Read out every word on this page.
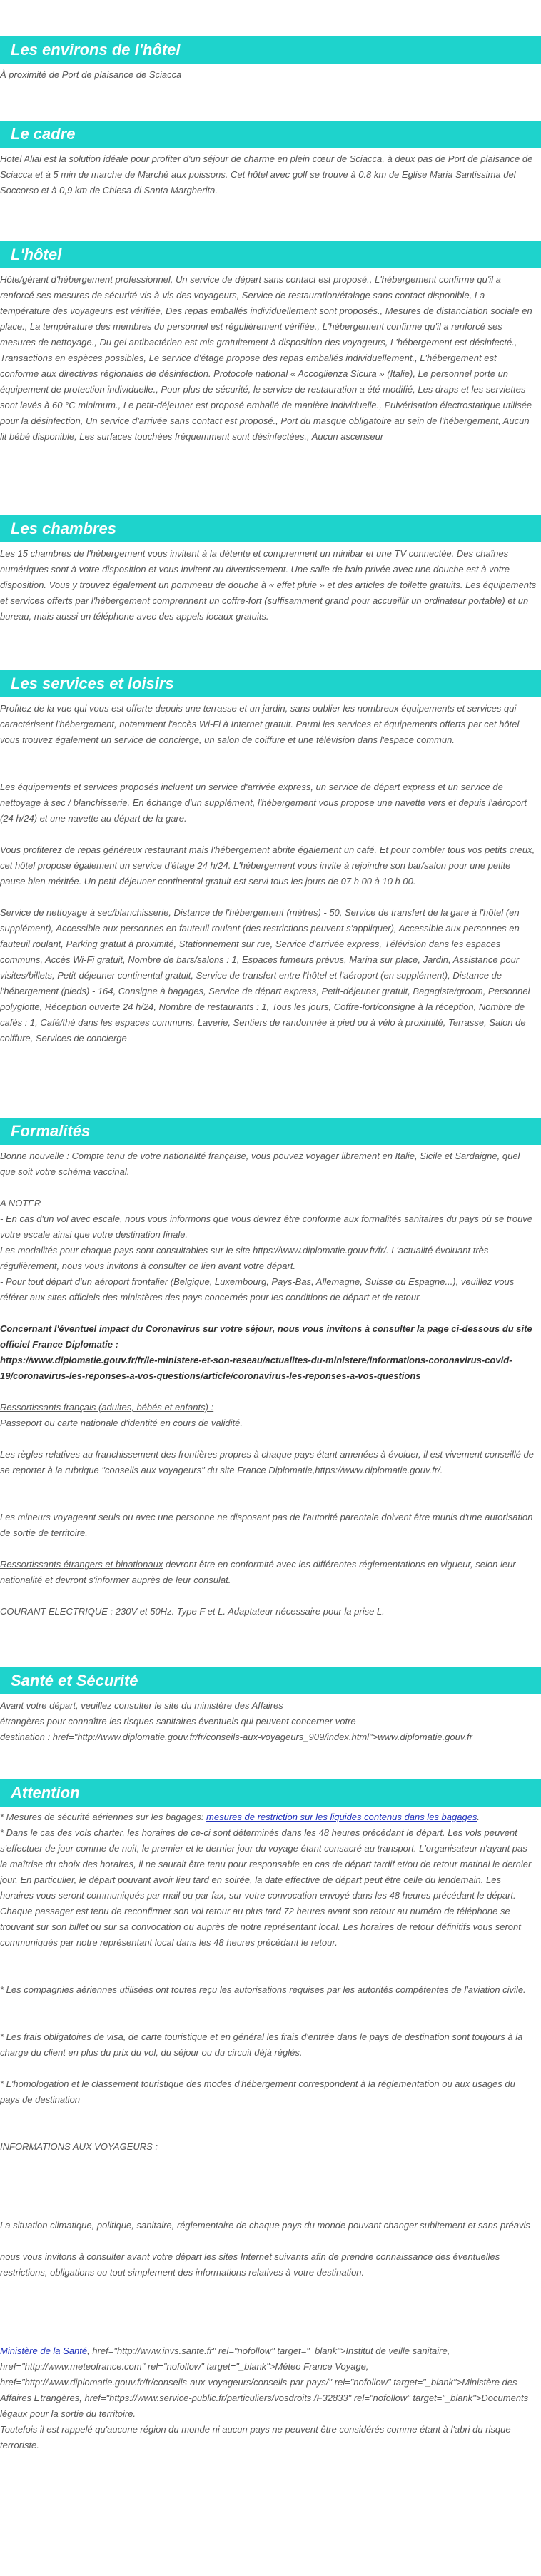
Les environs de l'hôtel

À proximité de Port de plaisance de Sciacca

Le cadre

Hotel Aliai est la solution idéale pour profiter d'un séjour de charme en plein cœur de Sciacca, à deux pas de Port de plaisance de Sciacca et à 5 min de marche de Marché aux poissons. Cet hôtel avec golf se trouve à 0.8 km de Eglise Maria Santissima del Soccorso et à 0,9 km de Chiesa di Santa Margherita.

L'hôtel

Hôte/gérant d'hébergement professionnel, Un service de départ sans contact est proposé., L'hébergement confirme qu'il a renforcé ses mesures de sécurité vis-à-vis des voyageurs, Service de restauration/étalage sans contact disponible, La température des voyageurs est vérifiée, Des repas emballés individuellement sont proposés., Mesures de distanciation sociale en place., La température des membres du personnel est régulièrement vérifiée., L'hébergement confirme qu'il a renforcé ses mesures de nettoyage., Du gel antibactérien est mis gratuitement à disposition des voyageurs, L'hébergement est désinfecté., Transactions en espèces possibles, Le service d'étage propose des repas emballés individuellement., L'hébergement est conforme aux directives régionales de désinfection. Protocole national « Accoglienza Sicura » (Italie), Le personnel porte un équipement de protection individuelle., Pour plus de sécurité, le service de restauration a été modifié, Les draps et les serviettes sont lavés à 60 °C minimum., Le petit-déjeuner est proposé emballé de manière individuelle., Pulvérisation électrostatique utilisée pour la désinfection, Un service d'arrivée sans contact est proposé., Port du masque obligatoire au sein de l'hébergement, Aucun lit bébé disponible, Les surfaces touchées fréquemment sont désinfectées., Aucun ascenseur

Les chambres

Les 15 chambres de l'hébergement vous invitent à la détente et comprennent un minibar et une TV connectée. Des chaînes numériques sont à votre disposition et vous invitent au divertissement. Une salle de bain privée avec une douche est à votre disposition. Vous y trouvez également un pommeau de douche à « effet pluie » et des articles de toilette gratuits. Les équipements et services offerts par l'hébergement comprennent un coffre-fort (suffisamment grand pour accueillir un ordinateur portable) et un bureau, mais aussi un téléphone avec des appels locaux gratuits.

Les services et loisirs

Profitez de la vue qui vous est offerte depuis une terrasse et un jardin, sans oublier les nombreux équipements et services qui caractérisent l'hébergement, notamment l'accès Wi-Fi à Internet gratuit. Parmi les services et équipements offerts par cet hôtel vous trouvez également un service de concierge, un salon de coiffure et une télévision dans l'espace commun.

Les équipements et services proposés incluent un service d'arrivée express, un service de départ express et un service de nettoyage à sec / blanchisserie. En échange d'un supplément, l'hébergement vous propose une navette vers et depuis l'aéroport (24 h/24) et une navette au départ de la gare.

Vous profiterez de repas généreux restaurant mais l'hébergement abrite également un café. Et pour combler tous vos petits creux, cet hôtel propose également un service d'étage 24 h/24. L'hébergement vous invite à rejoindre son bar/salon pour une petite pause bien méritée. Un petit-déjeuner continental gratuit est servi tous les jours de 07 h 00 à 10 h 00.

Service de nettoyage à sec/blanchisserie, Distance de l'hébergement (mètres) - 50, Service de transfert de la gare à l'hôtel (en supplément), Accessible aux personnes en fauteuil roulant (des restrictions peuvent s'appliquer), Accessible aux personnes en fauteuil roulant, Parking gratuit à proximité, Stationnement sur rue, Service d'arrivée express, Télévision dans les espaces communs, Accès Wi-Fi gratuit, Nombre de bars/salons : 1, Espaces fumeurs prévus, Marina sur place, Jardin, Assistance pour visites/billets, Petit-déjeuner continental gratuit, Service de transfert entre l'hôtel et l'aéroport (en supplément), Distance de l'hébergement (pieds) - 164, Consigne à bagages, Service de départ express, Petit-déjeuner gratuit, Bagagiste/groom, Personnel polyglotte, Réception ouverte 24 h/24, Nombre de restaurants : 1, Tous les jours, Coffre-fort/consigne à la réception, Nombre de cafés : 1, Café/thé dans les espaces communs, Laverie, Sentiers de randonnée à pied ou à vélo à proximité, Terrasse, Salon de coiffure, Services de concierge

Formalités

Bonne nouvelle : Compte tenu de votre nationalité française, vous pouvez voyager librement en Italie, Sicile et Sardaigne, quel que soit votre schéma vaccinal.

A NOTER

- En cas d'un vol avec escale, nous vous informons que vous devrez être conforme aux formalités sanitaires du pays où se trouve votre escale ainsi que votre destination finale.

Les modalités pour chaque pays sont consultables sur le site https://www.diplomatie.gouv.fr/fr/. L'actualité évoluant très régulièrement, nous vous invitons à consulter ce lien avant votre départ.

- Pour tout départ d'un aéroport frontalier (Belgique, Luxembourg, Pays-Bas, Allemagne, Suisse ou Espagne...), veuillez vous référer aux sites officiels des ministères des pays concernés pour les conditions de départ et de retour.

Concernant l'éventuel impact du Coronavirus sur votre séjour, nous vous invitons à consulter la page ci-dessous du site officiel France Diplomatie :

https://www.diplomatie.gouv.fr/fr/le-ministere-et-son-reseau/actualites-du-ministere/informations-coronavirus-covid-19/coronavirus-les-reponses-a-vos-questions/article/coronavirus-les-reponses-a-vos-questions

Ressortissants français (adultes, bébés et enfants) :

Passeport ou carte nationale d'identité en cours de validité.

Les règles relatives au franchissement des frontières propres à chaque pays étant amenées à évoluer, il est vivement conseillé de se reporter à la rubrique "conseils aux voyageurs" du site France Diplomatie,https://www.diplomatie.gouv.fr/.

Les mineurs voyageant seuls ou avec une personne ne disposant pas de l'autorité parentale doivent être munis d'une autorisation de sortie de territoire.

Ressortissants étrangers et binationaux devront être en conformité avec les différentes réglementations en vigueur, selon leur nationalité et devront s'informer auprès de leur consulat.

COURANT ELECTRIQUE : 230V et 50Hz. Type F et L. Adaptateur nécessaire pour la prise L.

Santé et Sécurité

Avant votre départ, veuillez consulter le site du ministère des Affaires

étrangères pour connaître les risques sanitaires éventuels qui peuvent concerner votre

destination : href="http://www.diplomatie.gouv.fr/fr/conseils-aux-voyageurs_909/index.html">www.diplomatie.gouv.fr

Attention

* Mesures de sécurité aériennes sur les bagages: mesures de restriction sur les liquides contenus dans les bagages.

* Dans le cas des vols charter, les horaires de ce-ci sont déterminés dans les 48 heures précédant le départ. Les vols peuvent s'effectuer de jour comme de nuit, le premier et le dernier jour du voyage étant consacré au transport. L'organisateur n'ayant pas la maîtrise du choix des horaires, il ne saurait être tenu pour responsable en cas de départ tardif et/ou de retour matinal le dernier jour. En particulier, le départ pouvant avoir lieu tard en soirée, la date effective de départ peut être celle du lendemain. Les horaires vous seront communiqués par mail ou par fax, sur votre convocation envoyé dans les 48 heures précédant le départ. Chaque passager est tenu de reconfirmer son vol retour au plus tard 72 heures avant son retour au numéro de téléphone se trouvant sur son billet ou sur sa convocation ou auprès de notre représentant local. Les horaires de retour définitifs vous seront communiqués par notre représentant local dans les 48 heures précédant le retour.

* Les compagnies aériennes utilisées ont toutes reçu les autorisations requises par les autorités compétentes de l'aviation civile.

* Les frais obligatoires de visa, de carte touristique et en général les frais d'entrée dans le pays de destination sont toujours à la charge du client en plus du prix du vol, du séjour ou du circuit déjà réglés.

* L'homologation et le classement touristique des modes d'hébergement correspondent à la réglementation ou aux usages du pays de destination

INFORMATIONS AUX VOYAGEURS :

La situation climatique, politique, sanitaire, réglementaire de chaque pays du monde pouvant changer subitement et sans préavis

nous vous invitons à consulter avant votre départ les sites Internet suivants afin de prendre connaissance des éventuelles restrictions, obligations ou tout simplement des informations relatives à votre destination.

Ministère de la Santé, href="http://www.invs.sante.fr" rel="nofollow" target="_blank">Institut de veille sanitaire, href="http://www.meteofrance.com" rel="nofollow" target="_blank">Méteo France Voyage, href="http://www.diplomatie.gouv.fr/fr/conseils-aux-voyageurs/conseils-par-pays/" rel="nofollow" target="_blank">Ministère des Affaires Etrangères, href="https://www.service-public.fr/particuliers/vosdroits /F32833" rel="nofollow" target="_blank">Documents légaux pour la sortie du territoire.

Toutefois il est rappelé qu'aucune région du monde ni aucun pays ne peuvent être considérés comme étant à l'abri du risque terroriste.
